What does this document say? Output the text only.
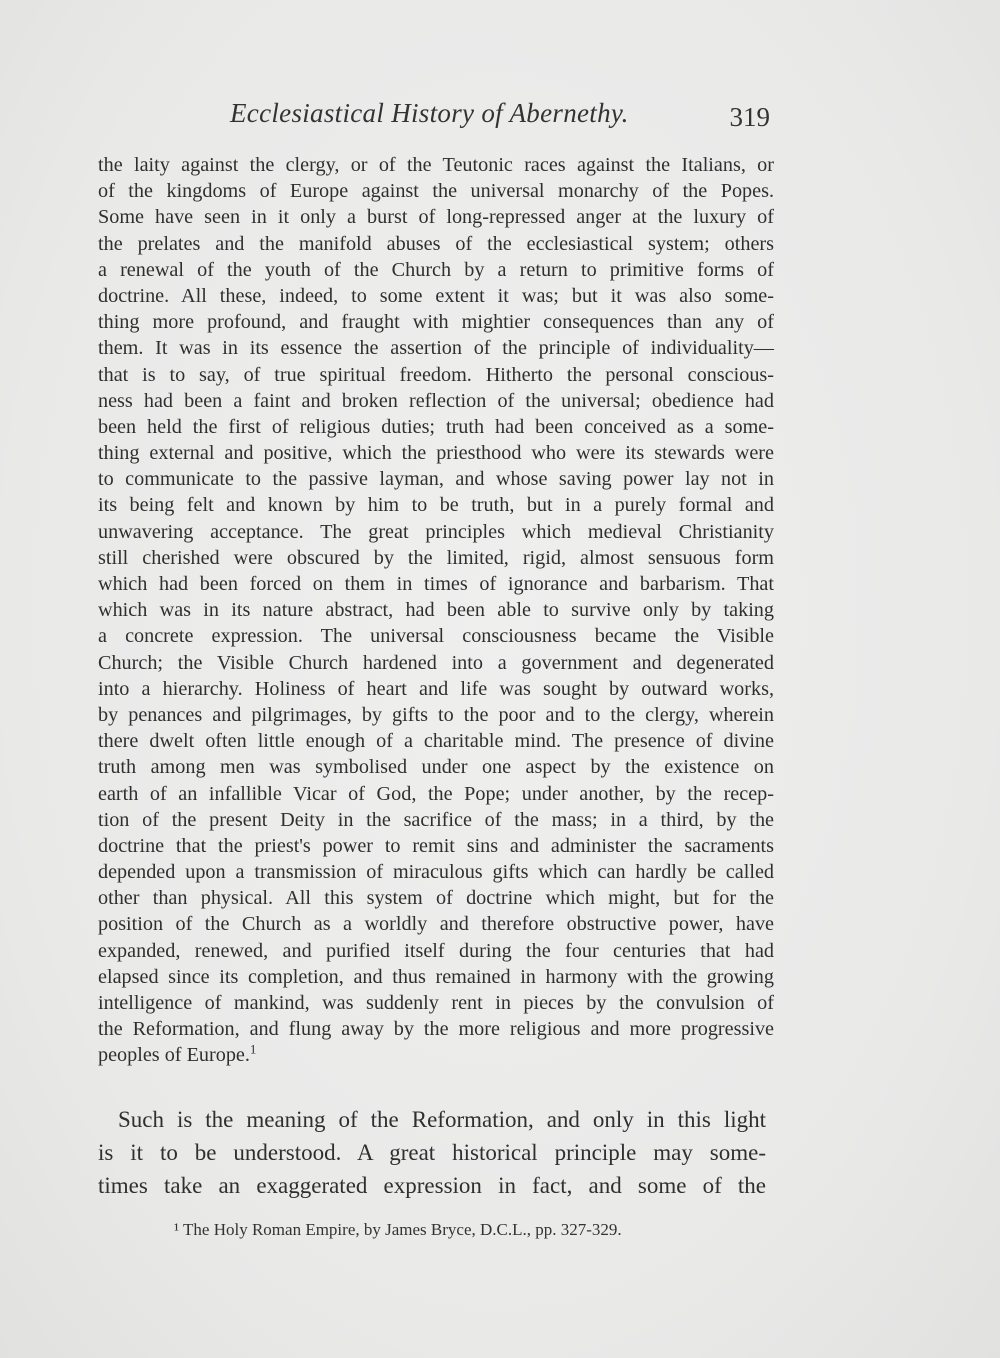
Ecclesiastical History of Abernethy.	319
the laity against the clergy, or of the Teutonic races against the Italians, or
of the kingdoms of Europe against the universal monarchy of the Popes.
Some have seen in it only a burst of long-repressed anger at the luxury of
the prelates and the manifold abuses of the ecclesiastical system; others
a renewal of the youth of the Church by a return to primitive forms of
doctrine. All these, indeed, to some extent it was; but it was also some-
thing more profound, and fraught with mightier consequences than any of
them. It was in its essence the assertion of the principle of individuality—
that is to say, of true spiritual freedom. Hitherto the personal conscious-
ness had been a faint and broken reflection of the universal; obedience had
been held the first of religious duties; truth had been conceived as a some-
thing external and positive, which the priesthood who were its stewards were
to communicate to the passive layman, and whose saving power lay not in
its being felt and known by him to be truth, but in a purely formal and
unwavering acceptance. The great principles which medieval Christianity
still cherished were obscured by the limited, rigid, almost sensuous form
which had been forced on them in times of ignorance and barbarism. That
which was in its nature abstract, had been able to survive only by taking
a concrete expression. The universal consciousness became the Visible
Church; the Visible Church hardened into a government and degenerated
into a hierarchy. Holiness of heart and life was sought by outward works,
by penances and pilgrimages, by gifts to the poor and to the clergy, wherein
there dwelt often little enough of a charitable mind. The presence of divine
truth among men was symbolised under one aspect by the existence on
earth of an infallible Vicar of God, the Pope; under another, by the recep-
tion of the present Deity in the sacrifice of the mass; in a third, by the
doctrine that the priest's power to remit sins and administer the sacraments
depended upon a transmission of miraculous gifts which can hardly be called
other than physical. All this system of doctrine which might, but for the
position of the Church as a worldly and therefore obstructive power, have
expanded, renewed, and purified itself during the four centuries that had
elapsed since its completion, and thus remained in harmony with the growing
intelligence of mankind, was suddenly rent in pieces by the convulsion of
the Reformation, and flung away by the more religious and more progressive
peoples of Europe.$^1$
Such is the meaning of the Reformation, and only in this light
is it to be understood. A great historical principle may some-
times take an exaggerated expression in fact, and some of the
¹ The Holy Roman Empire, by James Bryce, D.C.L., pp. 327-329.
